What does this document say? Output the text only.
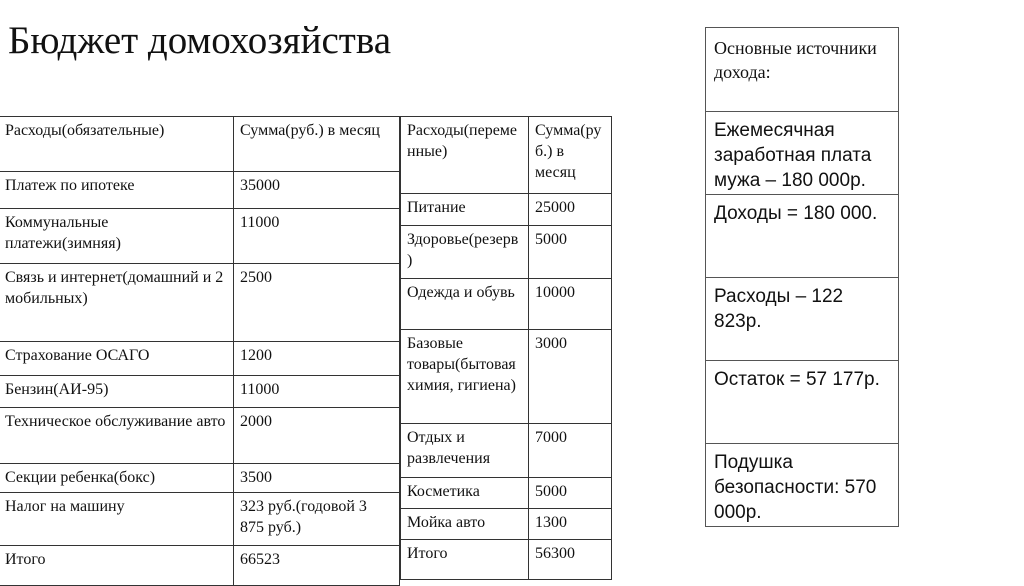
Бюджет домохозяйства
Расходы(обязательные)	Сумма(руб.) в месяц
Платеж по ипотеке	35000
Коммунальные платежи(зимняя)	11000
Связь и интернет(домашний и 2 мобильных)	2500
Страхование ОСАГО	1200
Бензин(АИ-95)	11000
Техническое обслуживание авто	2000
Секции ребенка(бокс)	3500
Налог на машину	323 руб.(годовой 3 875 руб.)
Итого	66523
Расходы(переме нные)	Сумма(ру б.) в месяц
Питание	25000
Здоровье(резерв )	5000
Одежда и обувь	10000
Базовые товары(бытовая химия, гигиена)	3000
Отдых и развлечения	7000
Косметика	5000
Мойка авто	1300
Итого	56300
Основные источники дохода:
Ежемесячная заработная плата мужа – 180 000р.
Доходы = 180 000.
Расходы – 122 823р.
Остаток = 57 177р.
Подушка безопасности: 570 000р.
